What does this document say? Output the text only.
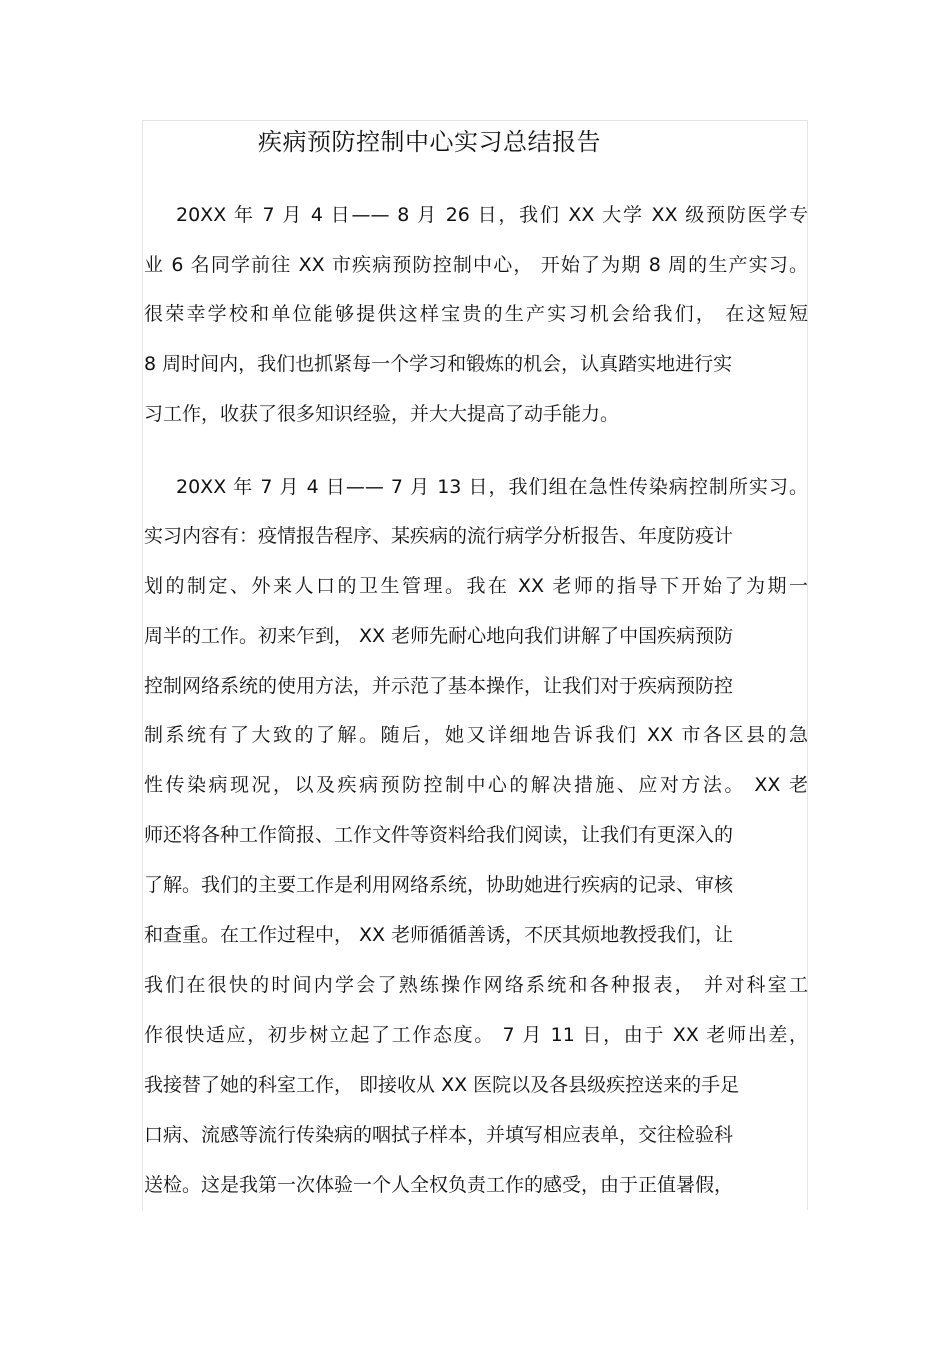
疾病预防控制中心实习总结报告

20XX 年 7 月 4 日—— 8 月 26 日，我们 XX 大学 XX 级预防医学专

业 6 名同学前往 XX 市疾病预防控制中心， 开始了为期 8 周的生产实习。

很荣幸学校和单位能够提供这样宝贵的生产实习机会给我们， 在这短短

8 周时间内，我们也抓紧每一个学习和锻炼的机会，认真踏实地进行实

习工作，收获了很多知识经验，并大大提高了动手能力。

20XX 年 7 月 4 日—— 7 月 13 日，我们组在急性传染病控制所实习。

实习内容有：疫情报告程序、某疾病的流行病学分析报告、年度防疫计

划的制定、外来人口的卫生管理。我在 XX 老师的指导下开始了为期一

周半的工作。初来乍到， XX 老师先耐心地向我们讲解了中国疾病预防

控制网络系统的使用方法，并示范了基本操作，让我们对于疾病预防控

制系统有了大致的了解。随后，她又详细地告诉我们 XX 市各区县的急

性传染病现况，以及疾病预防控制中心的解决措施、应对方法。 XX 老

师还将各种工作简报、工作文件等资料给我们阅读，让我们有更深入的

了解。我们的主要工作是利用网络系统，协助她进行疾病的记录、审核

和查重。在工作过程中， XX 老师循循善诱，不厌其烦地教授我们，让

我们在很快的时间内学会了熟练操作网络系统和各种报表， 并对科室工

作很快适应，初步树立起了工作态度。 7 月 11 日，由于 XX 老师出差，

我接替了她的科室工作， 即接收从 XX 医院以及各县级疾控送来的手足

口病、流感等流行传染病的咽拭子样本，并填写相应表单，交往检验科

送检。这是我第一次体验一个人全权负责工作的感受，由于正值暑假，
